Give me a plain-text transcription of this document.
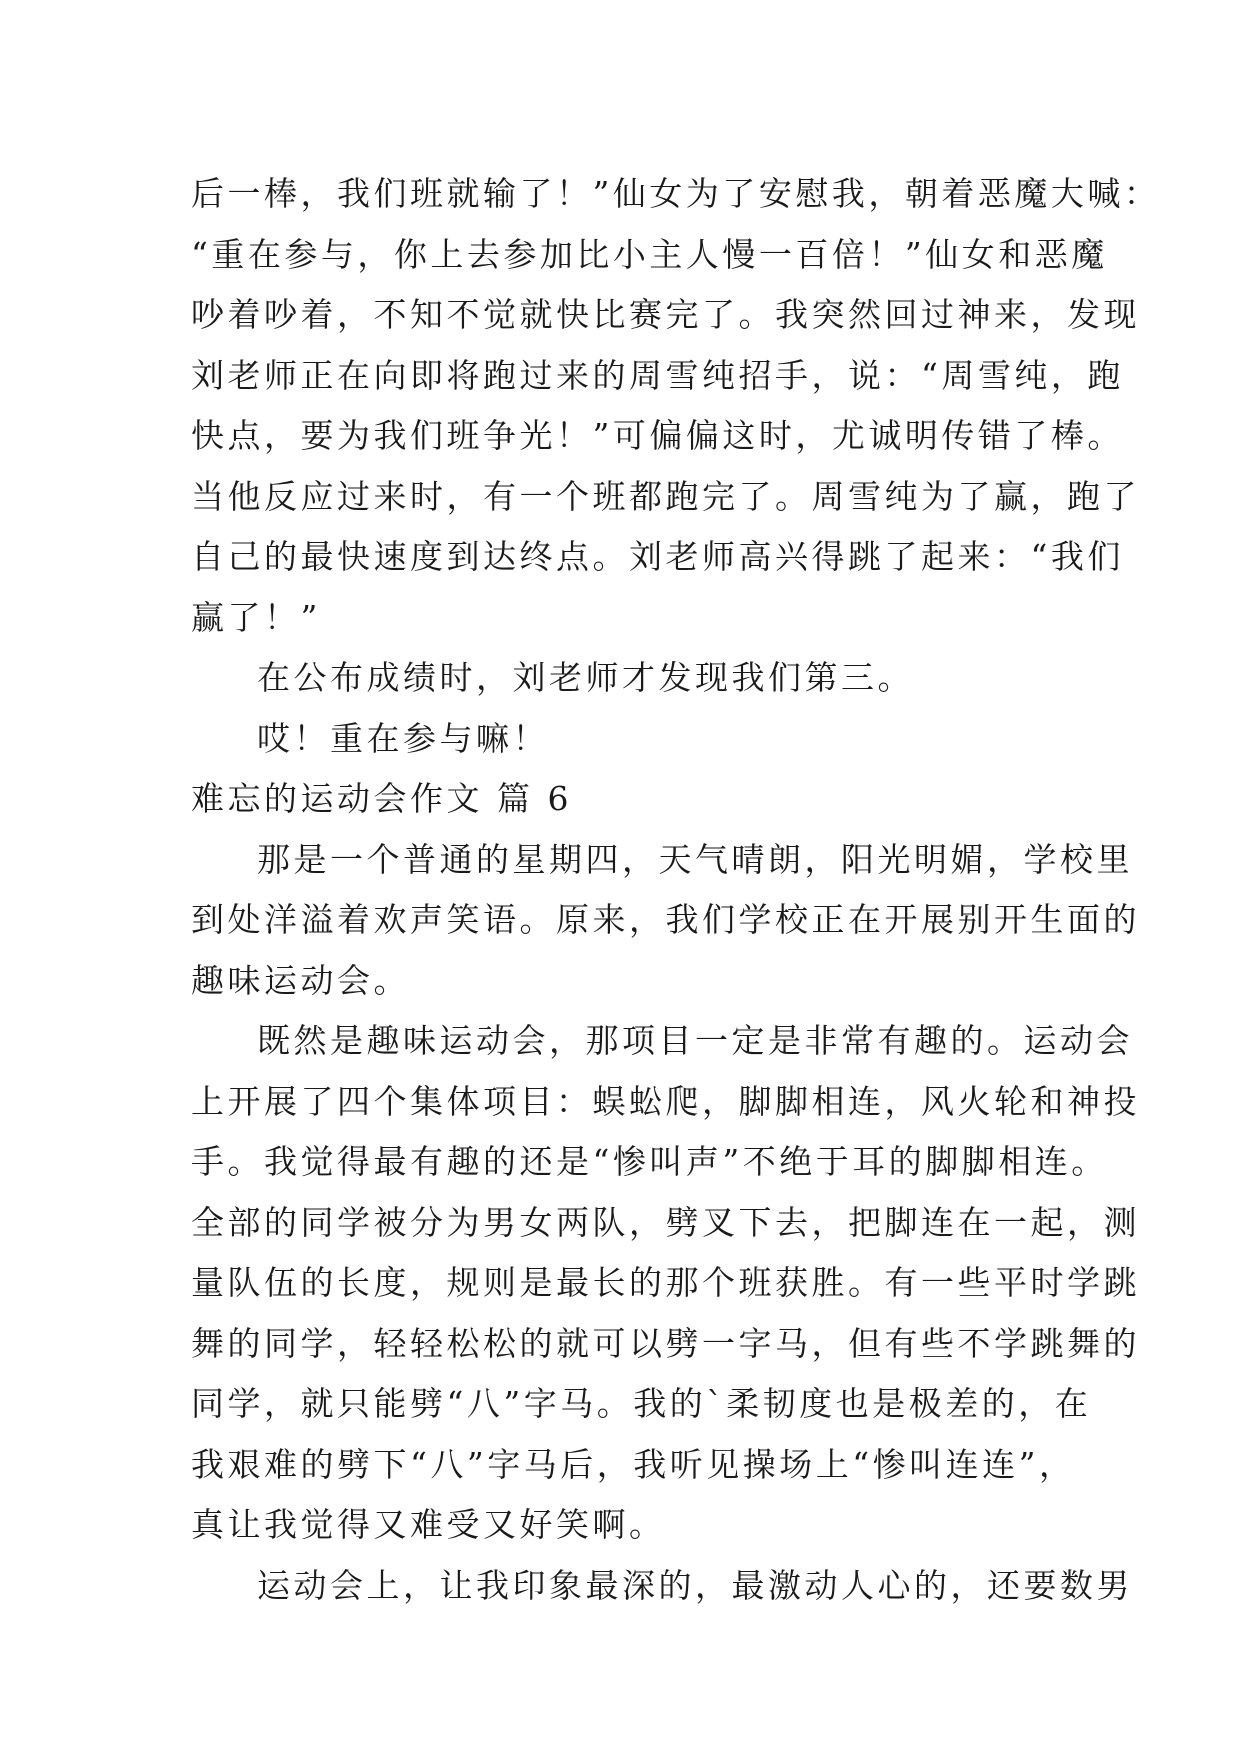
后一棒，我们班就输了！”仙女为了安慰我，朝着恶魔大喊：
“重在参与，你上去参加比小主人慢一百倍！”仙女和恶魔
吵着吵着，不知不觉就快比赛完了。我突然回过神来，发现
刘老师正在向即将跑过来的周雪纯招手，说：“周雪纯，跑
快点，要为我们班争光！”可偏偏这时，尤诚明传错了棒。
当他反应过来时，有一个班都跑完了。周雪纯为了赢，跑了
自己的最快速度到达终点。刘老师高兴得跳了起来：“我们
赢了！”
在公布成绩时，刘老师才发现我们第三。
哎！重在参与嘛！
难忘的运动会作文 篇 6
那是一个普通的星期四，天气晴朗，阳光明媚，学校里
到处洋溢着欢声笑语。原来，我们学校正在开展别开生面的
趣味运动会。
既然是趣味运动会，那项目一定是非常有趣的。运动会
上开展了四个集体项目：蜈蚣爬，脚脚相连，风火轮和神投
手。我觉得最有趣的还是“惨叫声”不绝于耳的脚脚相连。
全部的同学被分为男女两队，劈叉下去，把脚连在一起，测
量队伍的长度，规则是最长的那个班获胜。有一些平时学跳
舞的同学，轻轻松松的就可以劈一字马，但有些不学跳舞的
同学，就只能劈“八”字马。我的`柔韧度也是极差的，在
我艰难的劈下“八”字马后，我听见操场上“惨叫连连”，
真让我觉得又难受又好笑啊。
运动会上，让我印象最深的，最激动人心的，还要数男
